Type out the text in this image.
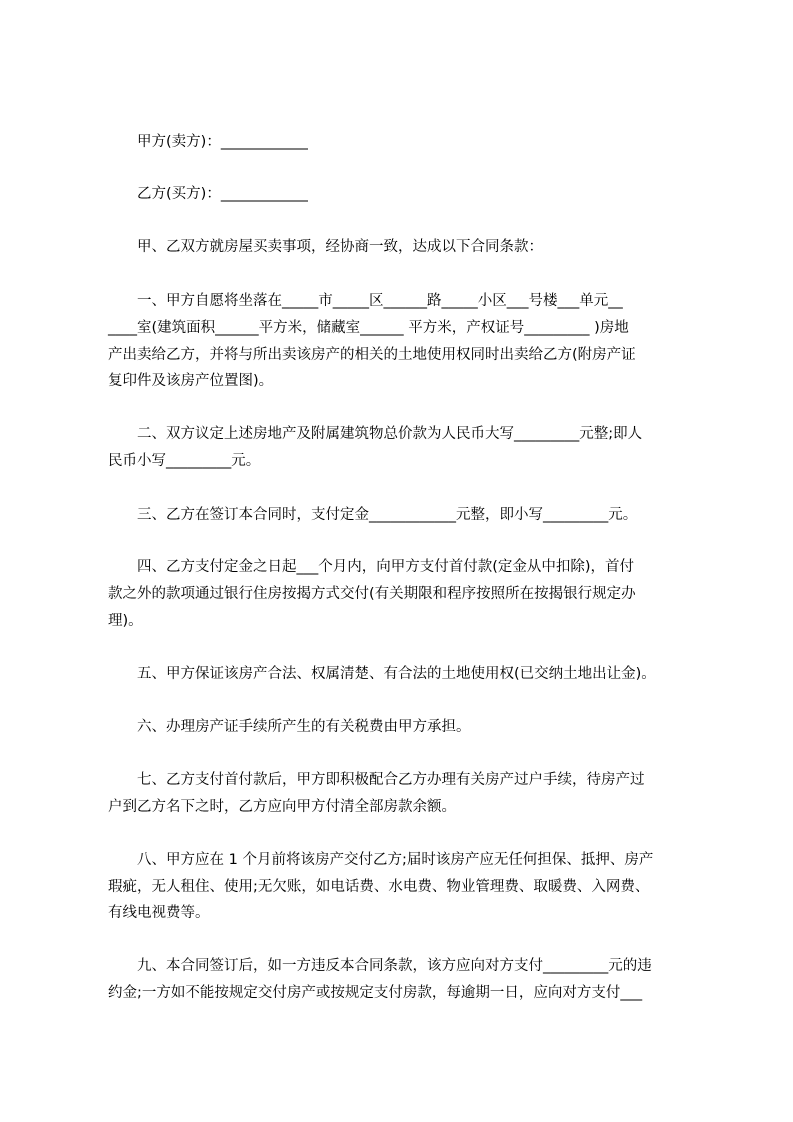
甲方(卖方)：____________
乙方(买方)：____________
甲、乙双方就房屋买卖事项，经协商一致，达成以下合同条款：
一、甲方自愿将坐落在_____市_____区______路_____小区___号楼___单元__
____室(建筑面积______平方米，储藏室______ 平方米，产权证号_________ )房地
产出卖给乙方，并将与所出卖该房产的相关的土地使用权同时出卖给乙方(附房产证
复印件及该房产位置图)。
二、双方议定上述房地产及附属建筑物总价款为人民币大写_________元整;即人
民币小写_________元。
三、乙方在签订本合同时，支付定金____________元整，即小写_________元。
四、乙方支付定金之日起___个月内，向甲方支付首付款(定金从中扣除)，首付
款之外的款项通过银行住房按揭方式交付(有关期限和程序按照所在按揭银行规定办
理)。
五、甲方保证该房产合法、权属清楚、有合法的土地使用权(已交纳土地出让金)。
六、办理房产证手续所产生的有关税费由甲方承担。
七、乙方支付首付款后，甲方即积极配合乙方办理有关房产过户手续，待房产过
户到乙方名下之时，乙方应向甲方付清全部房款余额。
八、甲方应在 1 个月前将该房产交付乙方;届时该房产应无任何担保、抵押、房产
瑕疵，无人租住、使用;无欠账，如电话费、水电费、物业管理费、取暖费、入网费、
有线电视费等。
九、本合同签订后，如一方违反本合同条款，该方应向对方支付_________元的违
约金;一方如不能按规定交付房产或按规定支付房款，每逾期一日，应向对方支付___
